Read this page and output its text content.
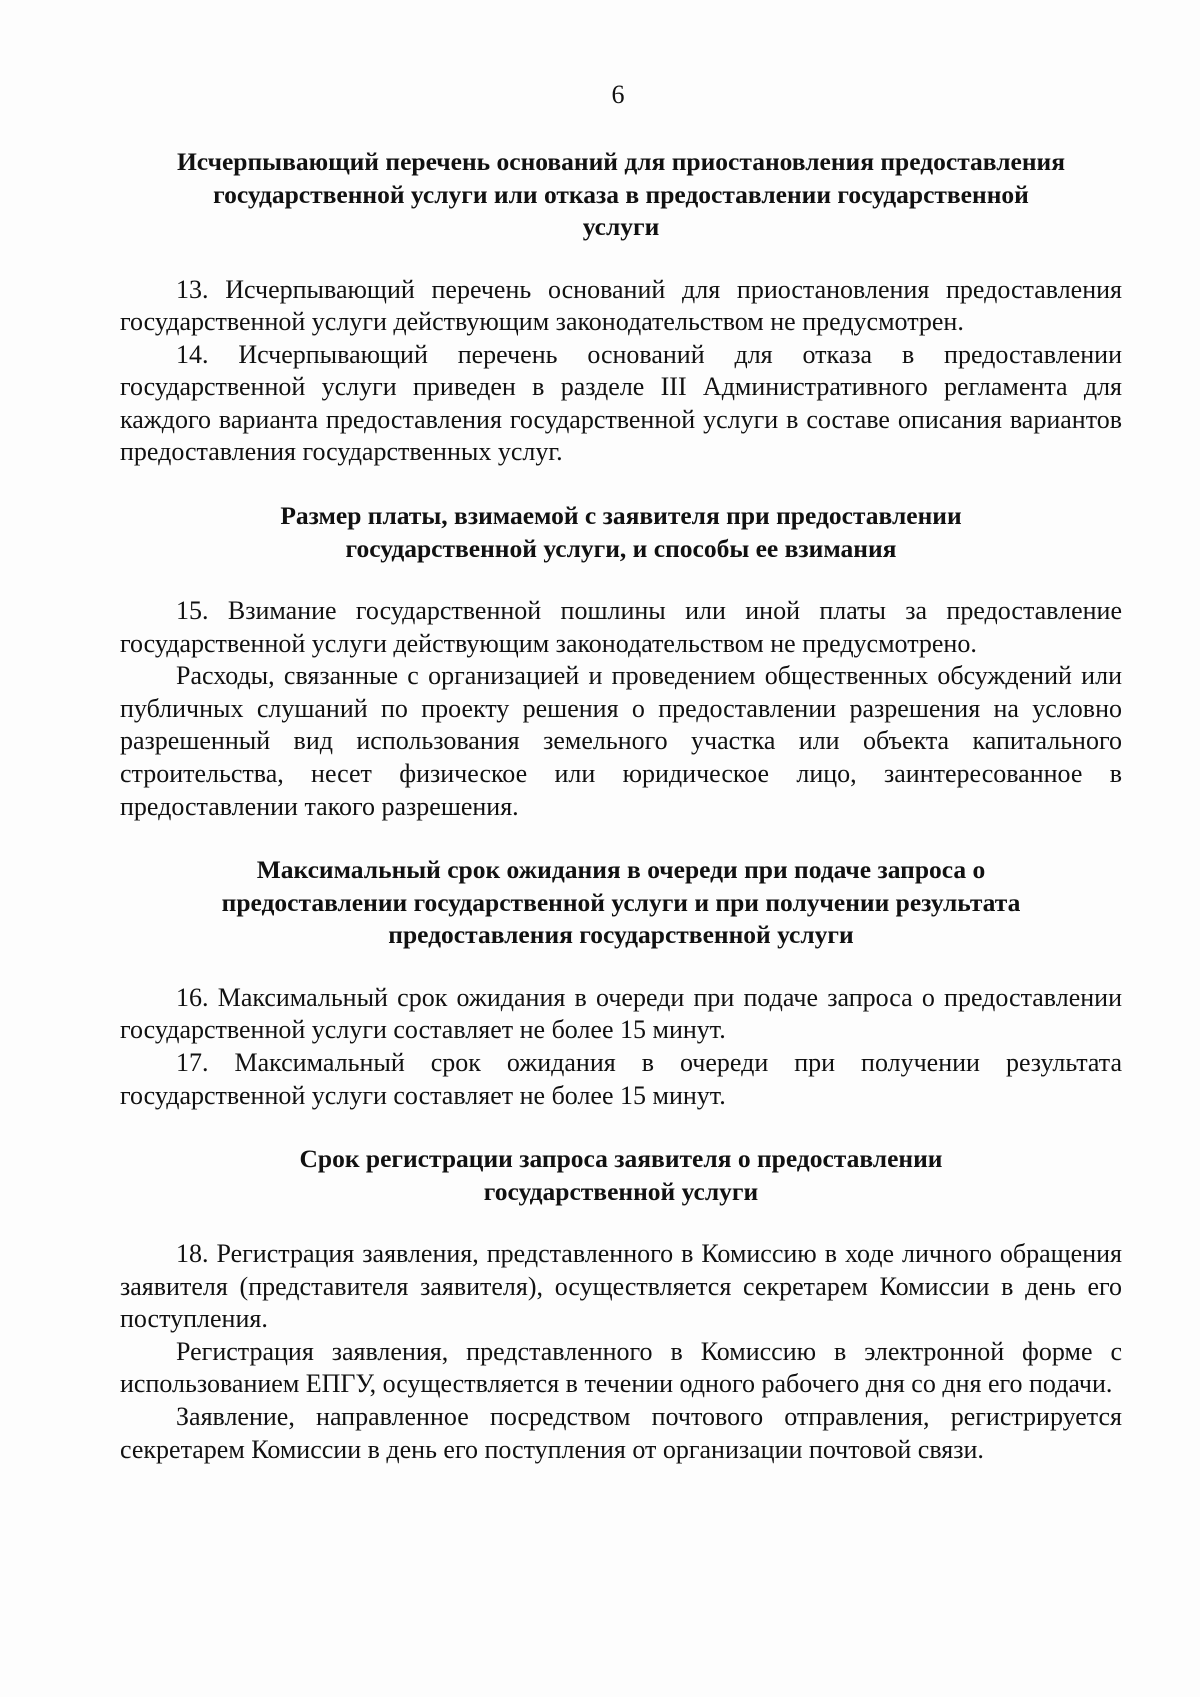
6
Исчерпывающий перечень оснований для приостановления предоставления
государственной услуги или отказа в предоставлении государственной
услуги

13. Исчерпывающий перечень оснований для приостановления предоставления государственной услуги действующим законодательством не предусмотрен.

14. Исчерпывающий перечень оснований для отказа в предоставлении государственной услуги приведен в разделе III Административного регламента для каждого варианта предоставления государственной услуги в составе описания вариантов предоставления государственных услуг.

Размер платы, взимаемой с заявителя при предоставлении
государственной услуги, и способы ее взимания

15. Взимание государственной пошлины или иной платы за предоставление государственной услуги действующим законодательством не предусмотрено.

Расходы, связанные с организацией и проведением общественных обсуждений или публичных слушаний по проекту решения о предоставлении разрешения на условно разрешенный вид использования земельного участка или объекта капитального строительства, несет физическое или юридическое лицо, заинтересованное в предоставлении такого разрешения.

Максимальный срок ожидания в очереди при подаче запроса о
предоставлении государственной услуги и при получении результата
предоставления государственной услуги

16. Максимальный срок ожидания в очереди при подаче запроса о предоставлении государственной услуги составляет не более 15 минут.

17. Максимальный срок ожидания в очереди при получении результата государственной услуги составляет не более 15 минут.

Срок регистрации запроса заявителя о предоставлении
государственной услуги

18. Регистрация заявления, представленного в Комиссию в ходе личного обращения заявителя (представителя заявителя), осуществляется секретарем Комиссии в день его поступления.

Регистрация заявления, представленного в Комиссию в электронной форме с использованием ЕПГУ, осуществляется в течении одного рабочего дня со дня его подачи.

Заявление, направленное посредством почтового отправления, регистрируется секретарем Комиссии в день его поступления от организации почтовой связи.
